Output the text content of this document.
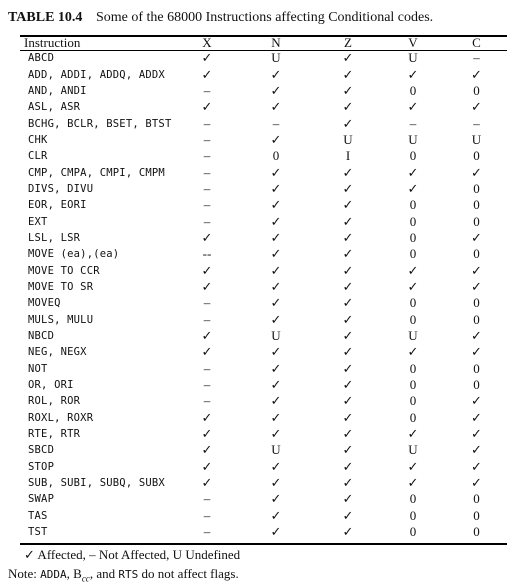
TABLE 10.4 Some of the 68000 Instructions affecting Conditional codes.
Instruction	X	N	Z	V	C
ABCD	✓	U	✓	U	–
ADD, ADDI, ADDQ, ADDX	✓	✓	✓	✓	✓
AND, ANDI	–	✓	✓	0	0
ASL, ASR	✓	✓	✓	✓	✓
BCHG, BCLR, BSET, BTST	–	–	✓	–	–
CHK	–	✓	U	U	U
CLR	–	0	I	0	0
CMP, CMPA, CMPI, CMPM	–	✓	✓	✓	✓
DIVS, DIVU	–	✓	✓	✓	0
EOR, EORI	–	✓	✓	0	0
EXT	–	✓	✓	0	0
LSL, LSR	✓	✓	✓	0	✓
MOVE (ea),(ea)	--	✓	✓	0	0
MOVE TO CCR	✓	✓	✓	✓	✓
MOVE TO SR	✓	✓	✓	✓	✓
MOVEQ	–	✓	✓	0	0
MULS, MULU	–	✓	✓	0	0
NBCD	✓	U	✓	U	✓
NEG, NEGX	✓	✓	✓	✓	✓
NOT	–	✓	✓	0	0
OR, ORI	–	✓	✓	0	0
ROL, ROR	–	✓	✓	0	✓
ROXL, ROXR	✓	✓	✓	0	✓
RTE, RTR	✓	✓	✓	✓	✓
SBCD	✓	U	✓	U	✓
STOP	✓	✓	✓	✓	✓
SUB, SUBI, SUBQ, SUBX	✓	✓	✓	✓	✓
SWAP	–	✓	✓	0	0
TAS	–	✓	✓	0	0
TST	–	✓	✓	0	0
✓ Affected, – Not Affected, U Undefined
Note: ADDA, $B_{cc}$, and RTS do not affect flags.
